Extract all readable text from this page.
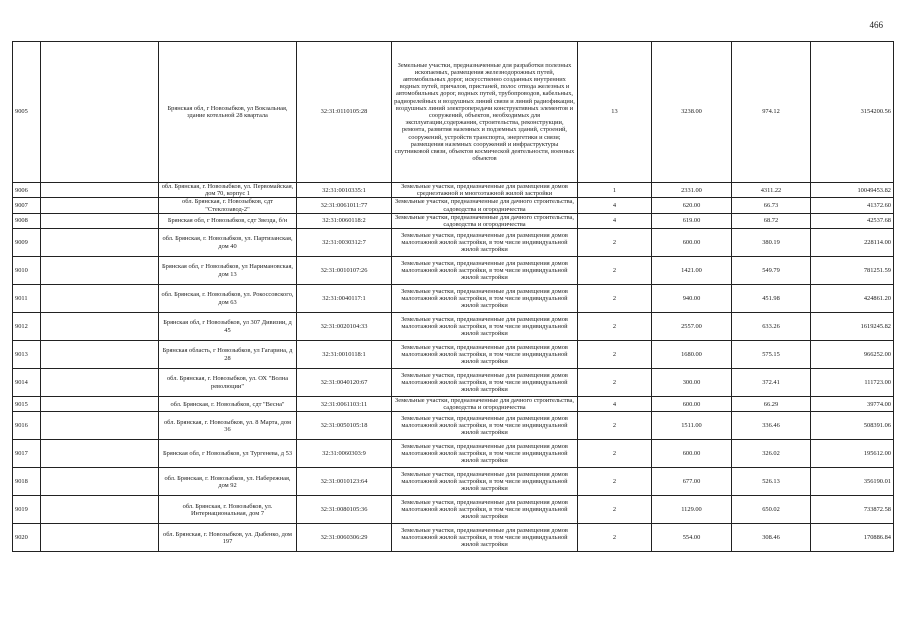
466
9005		Брянская обл, г Новозыбков, ул Вокзальная, здание котельной 28 квартала	32:31:0110105:28	Земельные участки, предназначенные для разработки полезных ископаемых, размещения железнодорожных путей, автомобильных дорог, искусственно созданных внутренних водных путей, причалов, пристаней, полос отвода железных и автомобильных дорог, водных путей, трубопроводов, кабельных, радиорелейных и воздушных линий связи и линий радиофикации, воздушных линий электропередачи конструктивных элементов и сооружений, объектов, необходимых для эксплуатации,содержания, строительства, реконструкции, ремонта, развития наземных и подземных зданий, строений, сооружений, устройств транспорта, энергетики и связи; размещения наземных сооружений и инфраструктуры спутниковой связи, объектов космической деятельности, военных объектов	13	3238.00	974.12	3154200.56
9006		обл. Брянская, г. Новозыбков, ул. Первомайская, дом 70, корпус 1	32:31:0010335:1	Земельные участки, предназначенные для размещения домов среднеэтажной и многоэтажной жилой застройки	1	2331.00	4311.22	10049453.82
9007		обл. Брянская, г. Новозыбков, сдт "Стеклозавод-2"	32:31:0061011:77	Земельные участки, предназначенные для дачного строительства, садоводства и огородничества	4	620.00	66.73	41372.60
9008		Брянская обл, г Новозыбков, сдт Звезда, б/н	32:31:0060118:2	Земельные участки, предназначенные для дачного строительства, садоводства и огородничества	4	619.00	68.72	42537.68
9009		обл. Брянская, г. Новозыбков, ул. Партизанская, дом 40	32:31:0030312:7	Земельные участки, предназначенные для размещения домов малоэтажной жилой застройки, в том числе индивидуальной жилой застройки	2	600.00	380.19	228114.00
9010		Брянская обл, г Новозыбков, ул Наримановская, дом 13	32:31:0010107:26	Земельные участки, предназначенные для размещения домов малоэтажной жилой застройки, в том числе индивидуальной жилой застройки	2	1421.00	549.79	781251.59
9011		обл. Брянская, г. Новозыбков, ул. Рокоссовского, дом 63	32:31:0040117:1	Земельные участки, предназначенные для размещения домов малоэтажной жилой застройки, в том числе индивидуальной жилой застройки	2	940.00	451.98	424861.20
9012		Брянская обл, г Новозыбков, ул 307 Дивизии, д 45	32:31:0020104:33	Земельные участки, предназначенные для размещения домов малоэтажной жилой застройки, в том числе индивидуальной жилой застройки	2	2557.00	633.26	1619245.82
9013		Брянская область, г Новозыбков, ул Гагарина, д 28	32:31:0010118:1	Земельные участки, предназначенные для размещения домов малоэтажной жилой застройки, в том числе индивидуальной жилой застройки	2	1680.00	575.15	966252.00
9014		обл. Брянская, г. Новозыбков, ул. ОХ "Волна революции"	32:31:0040120:67	Земельные участки, предназначенные для размещения домов малоэтажной жилой застройки, в том числе индивидуальной жилой застройки	2	300.00	372.41	111723.00
9015		обл. Брянская, г. Новозыбков, сдт "Весна"	32:31:0061103:11	Земельные участки, предназначенные для дачного строительства, садоводства и огородничества	4	600.00	66.29	39774.00
9016		обл. Брянская, г. Новозыбков, ул. 8 Марта, дом 36	32:31:0050105:18	Земельные участки, предназначенные для размещения домов малоэтажной жилой застройки, в том числе индивидуальной жилой застройки	2	1511.00	336.46	508391.06
9017		Брянская обл, г Новозыбков, ул Тургенева, д 53	32:31:0060303:9	Земельные участки, предназначенные для размещения домов малоэтажной жилой застройки, в том числе индивидуальной жилой застройки	2	600.00	326.02	195612.00
9018		обл. Брянская, г. Новозыбков, ул. Набережная, дом 92	32:31:0010123:64	Земельные участки, предназначенные для размещения домов малоэтажной жилой застройки, в том числе индивидуальной жилой застройки	2	677.00	526.13	356190.01
9019		обл. Брянская, г. Новозыбков, ул. Интернациональная, дом 7	32:31:0080105:36	Земельные участки, предназначенные для размещения домов малоэтажной жилой застройки, в том числе индивидуальной жилой застройки	2	1129.00	650.02	733872.58
9020		обл. Брянская, г. Новозыбков, ул. Дыбенко, дом 197	32:31:0060306:29	Земельные участки, предназначенные для размещения домов малоэтажной жилой застройки, в том числе индивидуальной жилой застройки	2	554.00	308.46	170886.84
